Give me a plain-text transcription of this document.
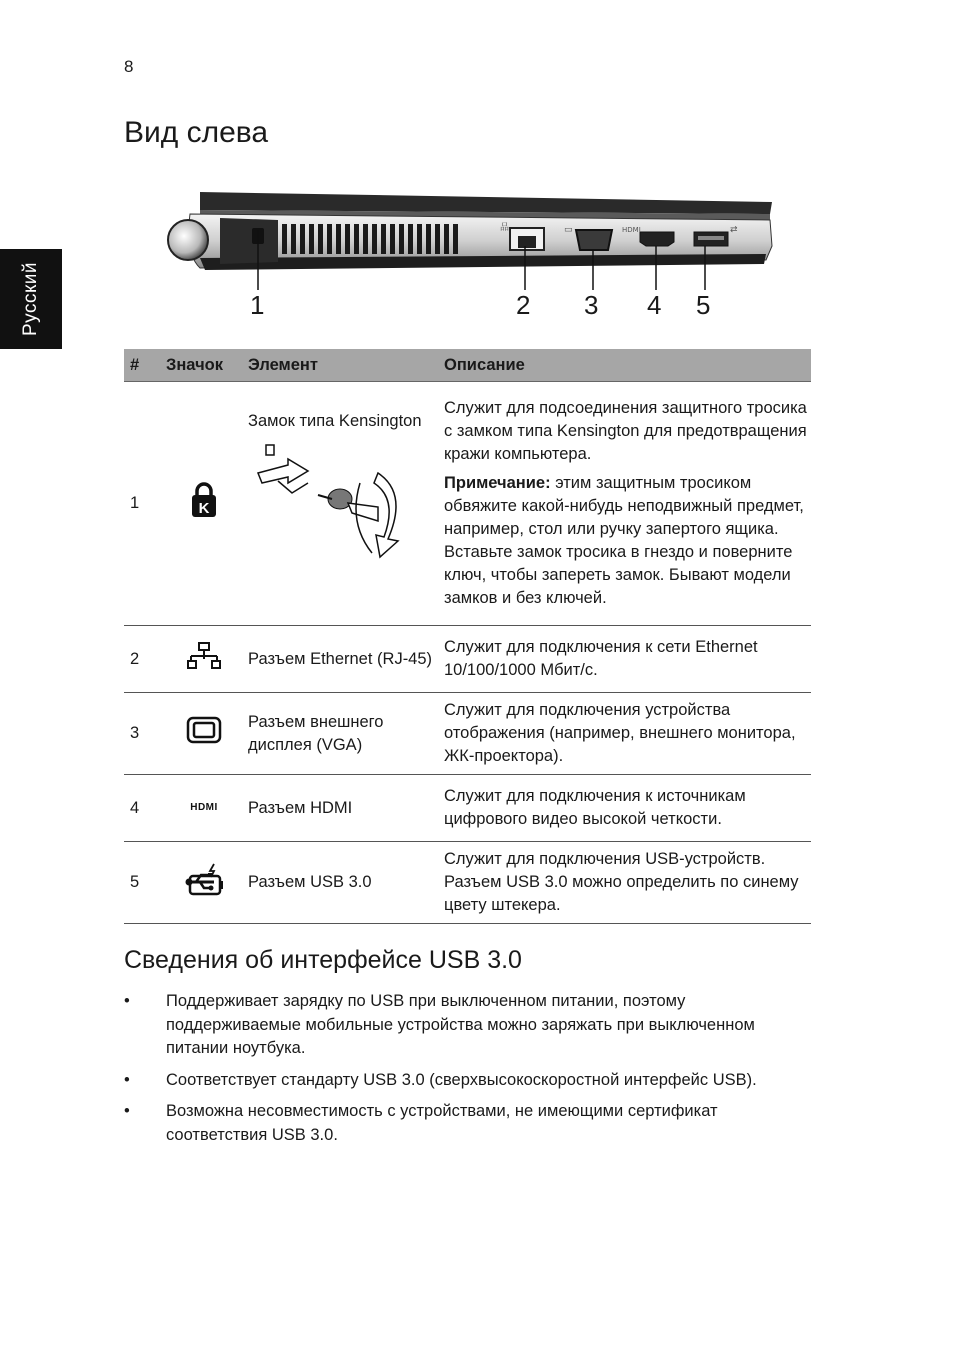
8
Русский
Вид слева
品	▭	HDMI	⇄
1	2 3 4 5
#	Значок	Элемент	Описание
1	K	Замок типа Kensington	Служит для подсоединения защитного тросика с замком типа Kensington для предотвращения кражи компьютера.

Примечание: этим защитным тросиком обвяжите какой-нибудь неподвижный предмет, например, стол или ручку запертого ящика. Вставьте замок тросика в гнездо и поверните ключ, чтобы запереть замок. Бывают модели замков и без ключей.

2		Разъем Ethernet (RJ-45)	Служит для подключения к сети Ethernet 10/100/1000 Мбит/с.
3		Разъем внешнего дисплея (VGA)	Служит для подключения устройства отображения (например, внешнего монитора, ЖК-проектора).
4	HDMI	Разъем HDMI	Служит для подключения к источникам цифрового видео высокой четкости.
5		Разъем USB 3.0	Служит для подключения USB-устройств. Разъем USB 3.0 можно определить по синему цвету штекера.
Сведения об интерфейсе USB 3.0
• Поддерживает зарядку по USB при выключенном питании, поэтому поддерживаемые мобильные устройства можно заряжать при выключенном питании ноутбука.
• Соответствует стандарту USB 3.0 (сверхвысокоскоростной интерфейс USB).
• Возможна несовместимость с устройствами, не имеющими сертификат соответствия USB 3.0.
